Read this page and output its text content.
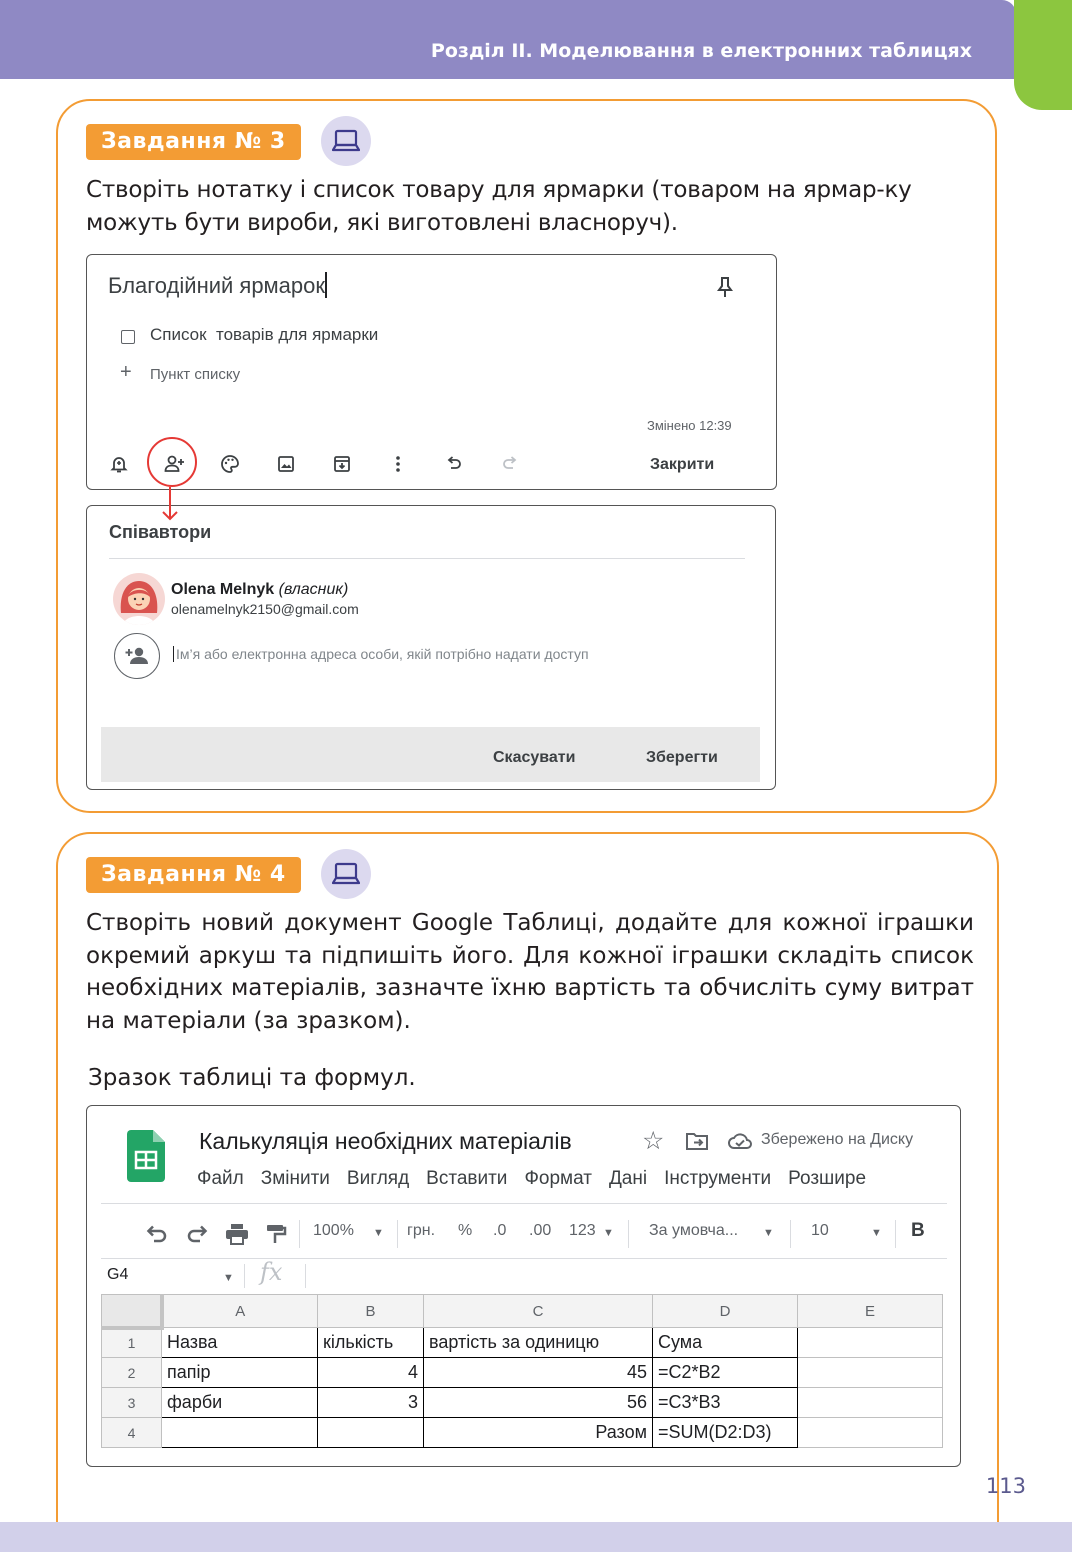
Розділ ІІ. Моделювання в електронних таблицях
Завдання № 3
Створіть нотатку і список товару для ярмарки (товаром на ярмар-ку можуть бути вироби, які виготовлені власноруч).
Благодійний ярмарок
Список  товарів для ярмарки
+ Пункт списку
Змінено 12:39
Закрити
Співавтори
Olena Melnyk (власник)
olenamelnyk2150@gmail.com
Ім’я або електронна адреса особи, якій потрібно надати доступ
Скасувати	Зберегти
Завдання № 4
Створіть новий документ Google Таблиці, додайте для кожної іграшки окремий аркуш та підпишіть його. Для кожної іграшки складіть список необхідних матеріалів, зазначте їхню вартість та обчисліть суму витрат на матеріали (за зразком).
Зразок таблиці та формул.
Калькуляція необхідних матеріалів	☆	Збережено на Диску
Файл Змінити Вигляд Вставити Формат Дані Інструменти Розшире
100% ▼ грн. % .0 .00 123 ▼ За умовча... ▼ 10	▼ B
G4	▼ fx
	A	B	C	D	E
1	Назва	кількість	вартість за одиницю	Сума	
2	папір	4	45	=C2*B2	
3	фарби	3	56	=C3*B3	
4			Разом	=SUM(D2:D3)	
113
